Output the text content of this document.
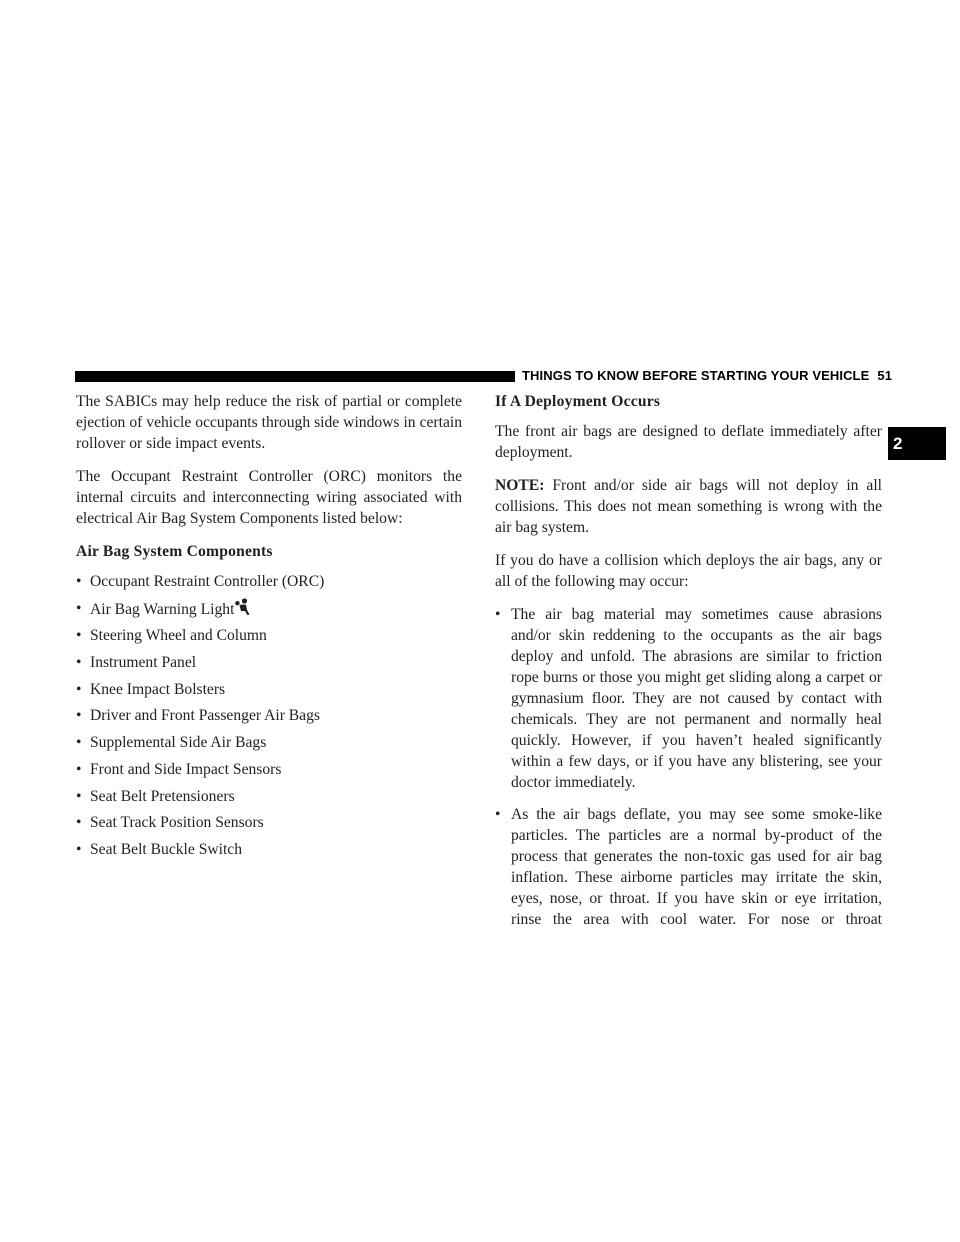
THINGS TO KNOW BEFORE STARTING YOUR VEHICLE 51
2

The SABICs may help reduce the risk of partial or complete ejection of vehicle occupants through side windows in certain rollover or side impact events.

The Occupant Restraint Controller (ORC) monitors the internal circuits and interconnecting wiring associated with electrical Air Bag System Components listed below:

Air Bag System Components
• Occupant Restraint Controller (ORC)
• Air Bag Warning Light
• Steering Wheel and Column
• Instrument Panel
• Knee Impact Bolsters
• Driver and Front Passenger Air Bags
• Supplemental Side Air Bags
• Front and Side Impact Sensors
• Seat Belt Pretensioners
• Seat Track Position Sensors
• Seat Belt Buckle Switch
If A Deployment Occurs

The front air bags are designed to deflate immediately after deployment.

NOTE: Front and/or side air bags will not deploy in all collisions. This does not mean something is wrong with the air bag system.

If you do have a collision which deploys the air bags, any or all of the following may occur:

• The air bag material may sometimes cause abrasions and/or skin reddening to the occupants as the air bags deploy and unfold. The abrasions are similar to friction rope burns or those you might get sliding along a carpet or gymnasium floor. They are not caused by contact with chemicals. They are not permanent and normally heal quickly. However, if you haven’t healed significantly within a few days, or if you have any blistering, see your doctor immediately.
• As the air bags deflate, you may see some smoke-like particles. The particles are a normal by-product of the process that generates the non-toxic gas used for air bag inflation. These airborne particles may irritate the skin, eyes, nose, or throat. If you have skin or eye irritation, rinse the area with cool water. For nose or throat
